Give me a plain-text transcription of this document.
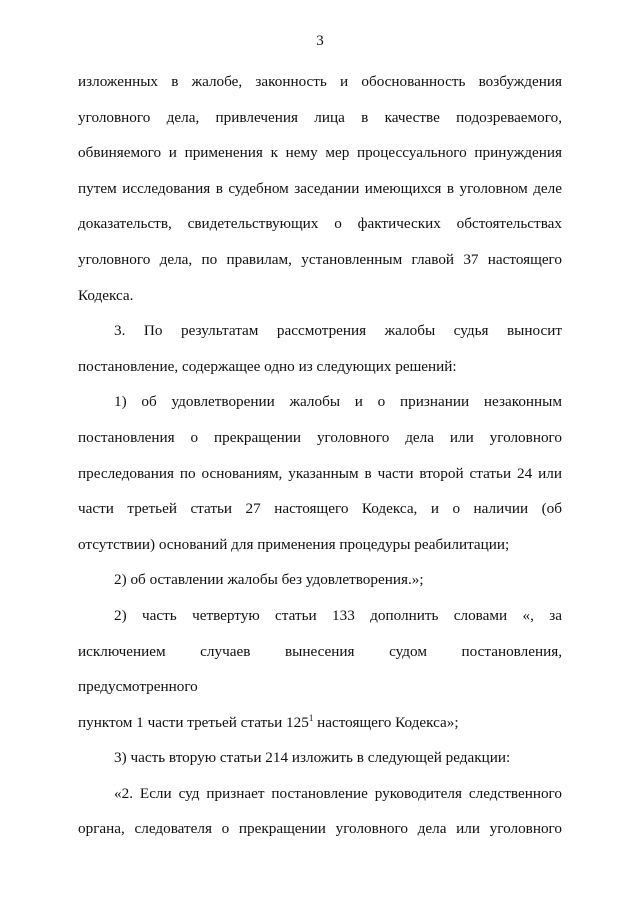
3

изложенных в жалобе, законность и обоснованность возбуждения

уголовного дела, привлечения лица в качестве подозреваемого,

обвиняемого и применения к нему мер процессуального принуждения

путем исследования в судебном заседании имеющихся в уголовном деле

доказательств, свидетельствующих о фактических обстоятельствах

уголовного дела, по правилам, установленным главой 37 настоящего

Кодекса.

3. По результатам рассмотрения жалобы судья выносит

постановление, содержащее одно из следующих решений:

1) об удовлетворении жалобы и о признании незаконным

постановления о прекращении уголовного дела или уголовного

преследования по основаниям, указанным в части второй статьи 24 или

части третьей статьи 27 настоящего Кодекса, и о наличии (об

отсутствии) оснований для применения процедуры реабилитации;

2) об оставлении жалобы без удовлетворения.»;

2) часть четвертую статьи 133 дополнить словами «, за

исключением случаев вынесения судом постановления, предусмотренного

пунктом 1 части третьей статьи $125^1$ настоящего Кодекса»;

3) часть вторую статьи 214 изложить в следующей редакции:

«2. Если суд признает постановление руководителя следственного

органа, следователя о прекращении уголовного дела или уголовного
